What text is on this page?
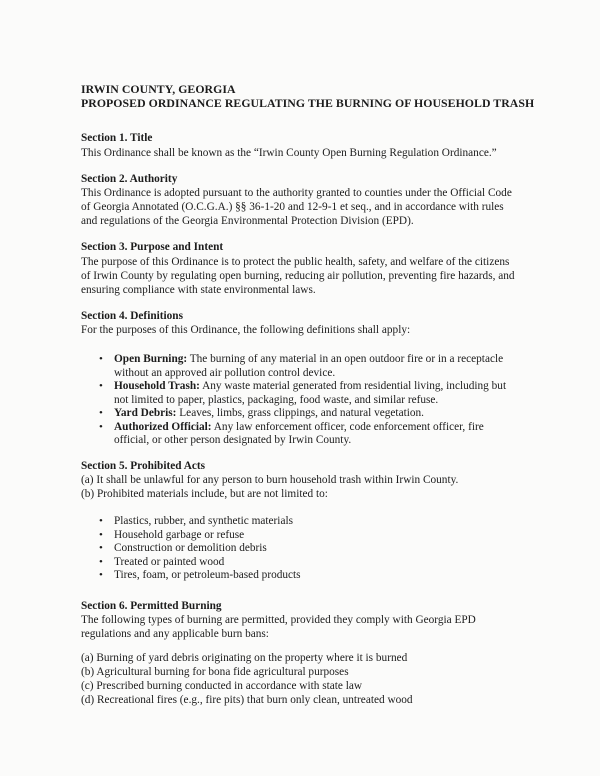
IRWIN COUNTY, GEORGIA

PROPOSED ORDINANCE REGULATING THE BURNING OF HOUSEHOLD TRASH

Section 1. Title

This Ordinance shall be known as the “Irwin County Open Burning Regulation Ordinance.”

Section 2. Authority

This Ordinance is adopted pursuant to the authority granted to counties under the Official Code

of Georgia Annotated (O.C.G.A.) §§ 36-1-20 and 12-9-1 et seq., and in accordance with rules

and regulations of the Georgia Environmental Protection Division (EPD).

Section 3. Purpose and Intent

The purpose of this Ordinance is to protect the public health, safety, and welfare of the citizens

of Irwin County by regulating open burning, reducing air pollution, preventing fire hazards, and

ensuring compliance with state environmental laws.

Section 4. Definitions

For the purposes of this Ordinance, the following definitions shall apply:

• Open Burning: The burning of any material in an open outdoor fire or in a receptacle
without an approved air pollution control device.
• Household Trash: Any waste material generated from residential living, including but
not limited to paper, plastics, packaging, food waste, and similar refuse.
• Yard Debris: Leaves, limbs, grass clippings, and natural vegetation.
• Authorized Official: Any law enforcement officer, code enforcement officer, fire
official, or other person designated by Irwin County.

Section 5. Prohibited Acts

(a) It shall be unlawful for any person to burn household trash within Irwin County.

(b) Prohibited materials include, but are not limited to:

• Plastics, rubber, and synthetic materials
• Household garbage or refuse
• Construction or demolition debris
• Treated or painted wood
• Tires, foam, or petroleum-based products

Section 6. Permitted Burning

The following types of burning are permitted, provided they comply with Georgia EPD

regulations and any applicable burn bans:

(a) Burning of yard debris originating on the property where it is burned

(b) Agricultural burning for bona fide agricultural purposes

(c) Prescribed burning conducted in accordance with state law

(d) Recreational fires (e.g., fire pits) that burn only clean, untreated wood
